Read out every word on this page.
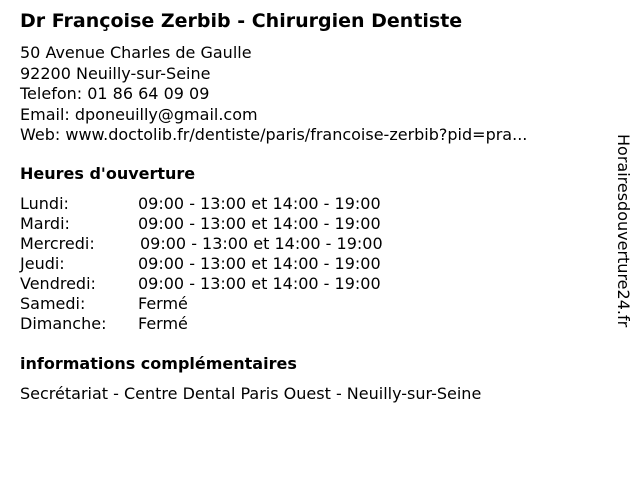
Dr Françoise Zerbib - Chirurgien Dentiste
50 Avenue Charles de Gaulle
92200 Neuilly-sur-Seine
Telefon: 01 86 64 09 09
Email: dponeuilly@gmail.com
Web: www.doctolib.fr/dentiste/paris/francoise-zerbib?pid=pra...
Heures d'ouverture
Lundi:	09:00 - 13:00 et 14:00 - 19:00
Mardi:	09:00 - 13:00 et 14:00 - 19:00
Mercredi:	09:00 - 13:00 et 14:00 - 19:00
Jeudi:	09:00 - 13:00 et 14:00 - 19:00
Vendredi:	09:00 - 13:00 et 14:00 - 19:00
Samedi:	Fermé
Dimanche: Fermé
informations complémentaires
Secrétariat - Centre Dental Paris Ouest - Neuilly-sur-Seine
Horairesdouverture24.fr
